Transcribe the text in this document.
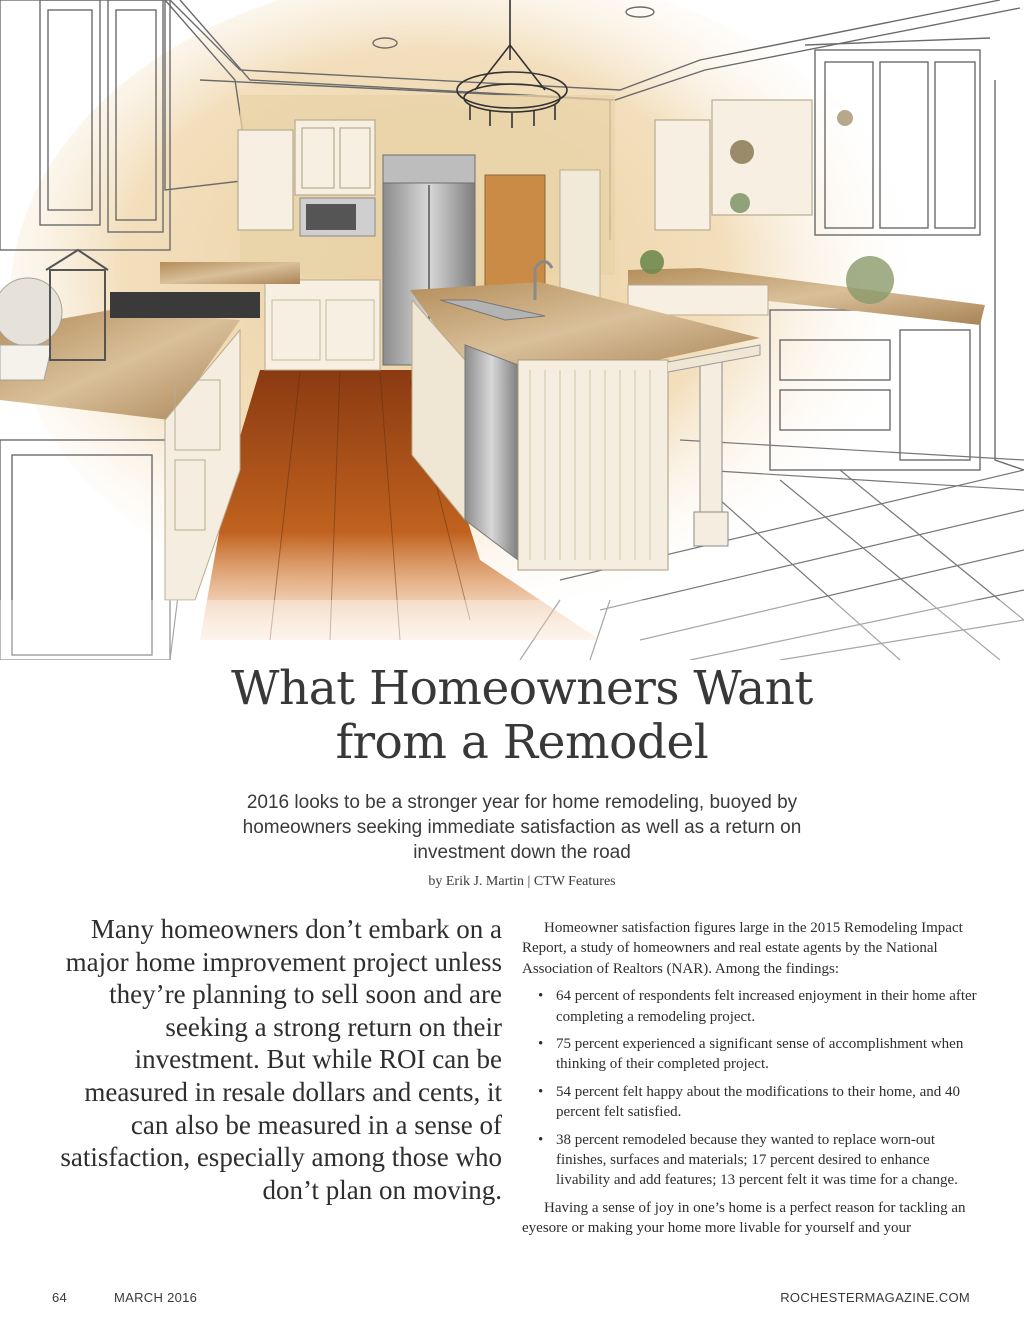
What Homeowners Want
from a Remodel
2016 looks to be a stronger year for home remodeling, buoyed by homeowners seeking immediate satisfaction as well as a return on investment down the road
by Erik J. Martin | CTW Features
Many homeowners don’t embark on a major home improvement project unless they’re planning to sell soon and are seeking a strong return on their investment. But while ROI can be measured in resale dollars and cents, it can also be measured in a sense of satisfaction, especially among those who don’t plan on moving.

Homeowner satisfaction figures large in the 2015 Remodeling Impact Report, a study of homeowners and real estate agents by the National Association of Realtors (NAR). Among the findings:

• 64 percent of respondents felt increased enjoyment in their home after completing a remodeling project.
• 75 percent experienced a significant sense of accomplishment when thinking of their completed project.
• 54 percent felt happy about the modifications to their home, and 40 percent felt satisfied.
• 38 percent remodeled because they wanted to replace worn-out finishes, surfaces and materials; 17 percent desired to enhance livability and add features; 13 percent felt it was time for a change.

Having a sense of joy in one’s home is a perfect reason for tackling an eyesore or making your home more livable for yourself and your

64	MARCH 2016	ROCHESTERMAGAZINE.COM
